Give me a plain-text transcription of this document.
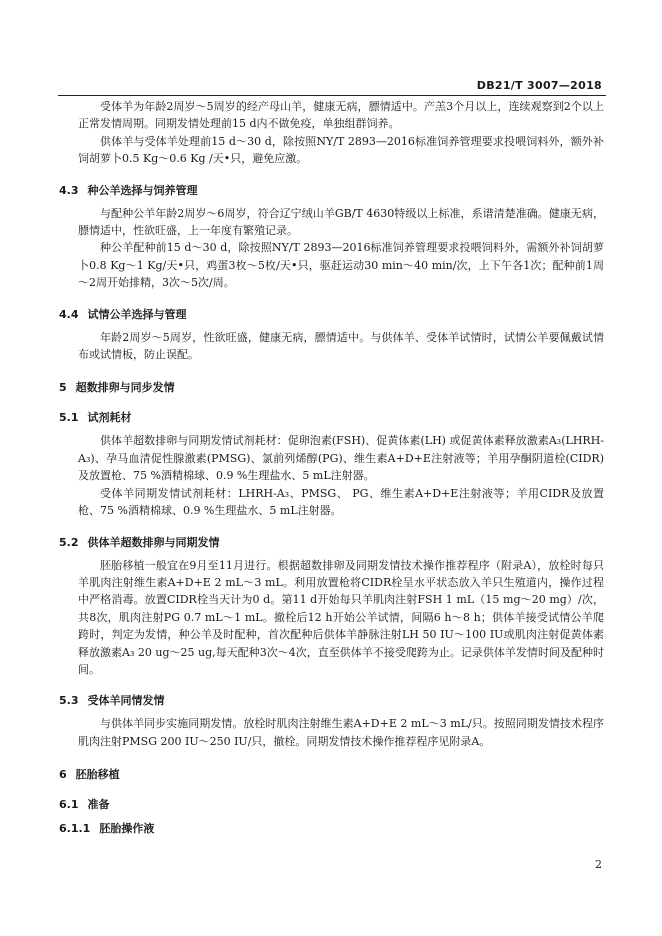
DB21/T 3007—2018

受体羊为年龄2周岁～5周岁的经产母山羊，健康无病，膘情适中。产羔3个月以上，连续观察到2个以上正常发情周期。同期发情处理前15 d内不做免疫，单独组群饲养。

供体羊与受体羊处理前15 d～30 d，除按照NY/T 2893—2016标准饲养管理要求投喂饲料外，额外补饲胡萝卜0.5 Kg～0.6 Kg /天•只，避免应激。

4.3 种公羊选择与饲养管理

与配种公羊年龄2周岁～6周岁，符合辽宁绒山羊GB/T 4630特级以上标准，系谱清楚准确。健康无病，膘情适中，性欲旺盛，上一年度有繁殖记录。

种公羊配种前15 d～30 d，除按照NY/T 2893—2016标准饲养管理要求投喂饲料外，需额外补饲胡萝卜0.8 Kg～1 Kg/天•只，鸡蛋3枚～5枚/天•只，驱赶运动30 min～40 min/次，上下午各1次；配种前1周～2周开始排精，3次～5次/周。

4.4 试情公羊选择与管理

年龄2周岁～5周岁，性欲旺盛，健康无病，膘情适中。与供体羊、受体羊试情时，试情公羊要佩戴试情布或试情板，防止误配。

5 超数排卵与同步发情
5.1 试剂耗材

供体羊超数排卵与同期发情试剂耗材：促卵泡素(FSH)、促黄体素(LH) 或促黄体素释放激素A₃(LHRH-A₃)、孕马血清促性腺激素(PMSG)、氯前列烯醇(PG)、维生素A+D+E注射液等；羊用孕酮阴道栓(CIDR)及放置枪、75 %酒精棉球、0.9 %生理盐水、5 mL注射器。

受体羊同期发情试剂耗材：LHRH-A₃、PMSG、 PG、维生素A+D+E注射液等；羊用CIDR及放置枪、75 %酒精棉球、0.9 %生理盐水、5 mL注射器。

5.2 供体羊超数排卵与同期发情

胚胎移植一般宜在9月至11月进行。根据超数排卵及同期发情技术操作推荐程序（附录A），放栓时每只羊肌肉注射维生素A+D+E 2 mL～3 mL。利用放置枪将CIDR栓呈水平状态放入羊只生殖道内，操作过程中严格消毒。放置CIDR栓当天计为0 d。第11 d开始每只羊肌肉注射FSH 1 mL（15 mg～20 mg）/次，共8次，肌肉注射PG 0.7 mL～1 mL。撤栓后12 h开始公羊试情，间隔6 h～8 h；供体羊接受试情公羊爬跨时，判定为发情，种公羊及时配种，首次配种后供体羊静脉注射LH 50 IU～100 IU或肌肉注射促黄体素释放激素A₃ 20 ug～25 ug,每天配种3次～4次，直至供体羊不接受爬跨为止。记录供体羊发情时间及配种时间。

5.3 受体羊同情发情

与供体羊同步实施同期发情。放栓时肌肉注射维生素A+D+E 2 mL～3 mL/只。按照同期发情技术程序肌肉注射PMSG 200 IU～250 IU/只，撤栓。同期发情技术操作推荐程序见附录A。

6 胚胎移植
6.1 准备
6.1.1 胚胎操作液
2
